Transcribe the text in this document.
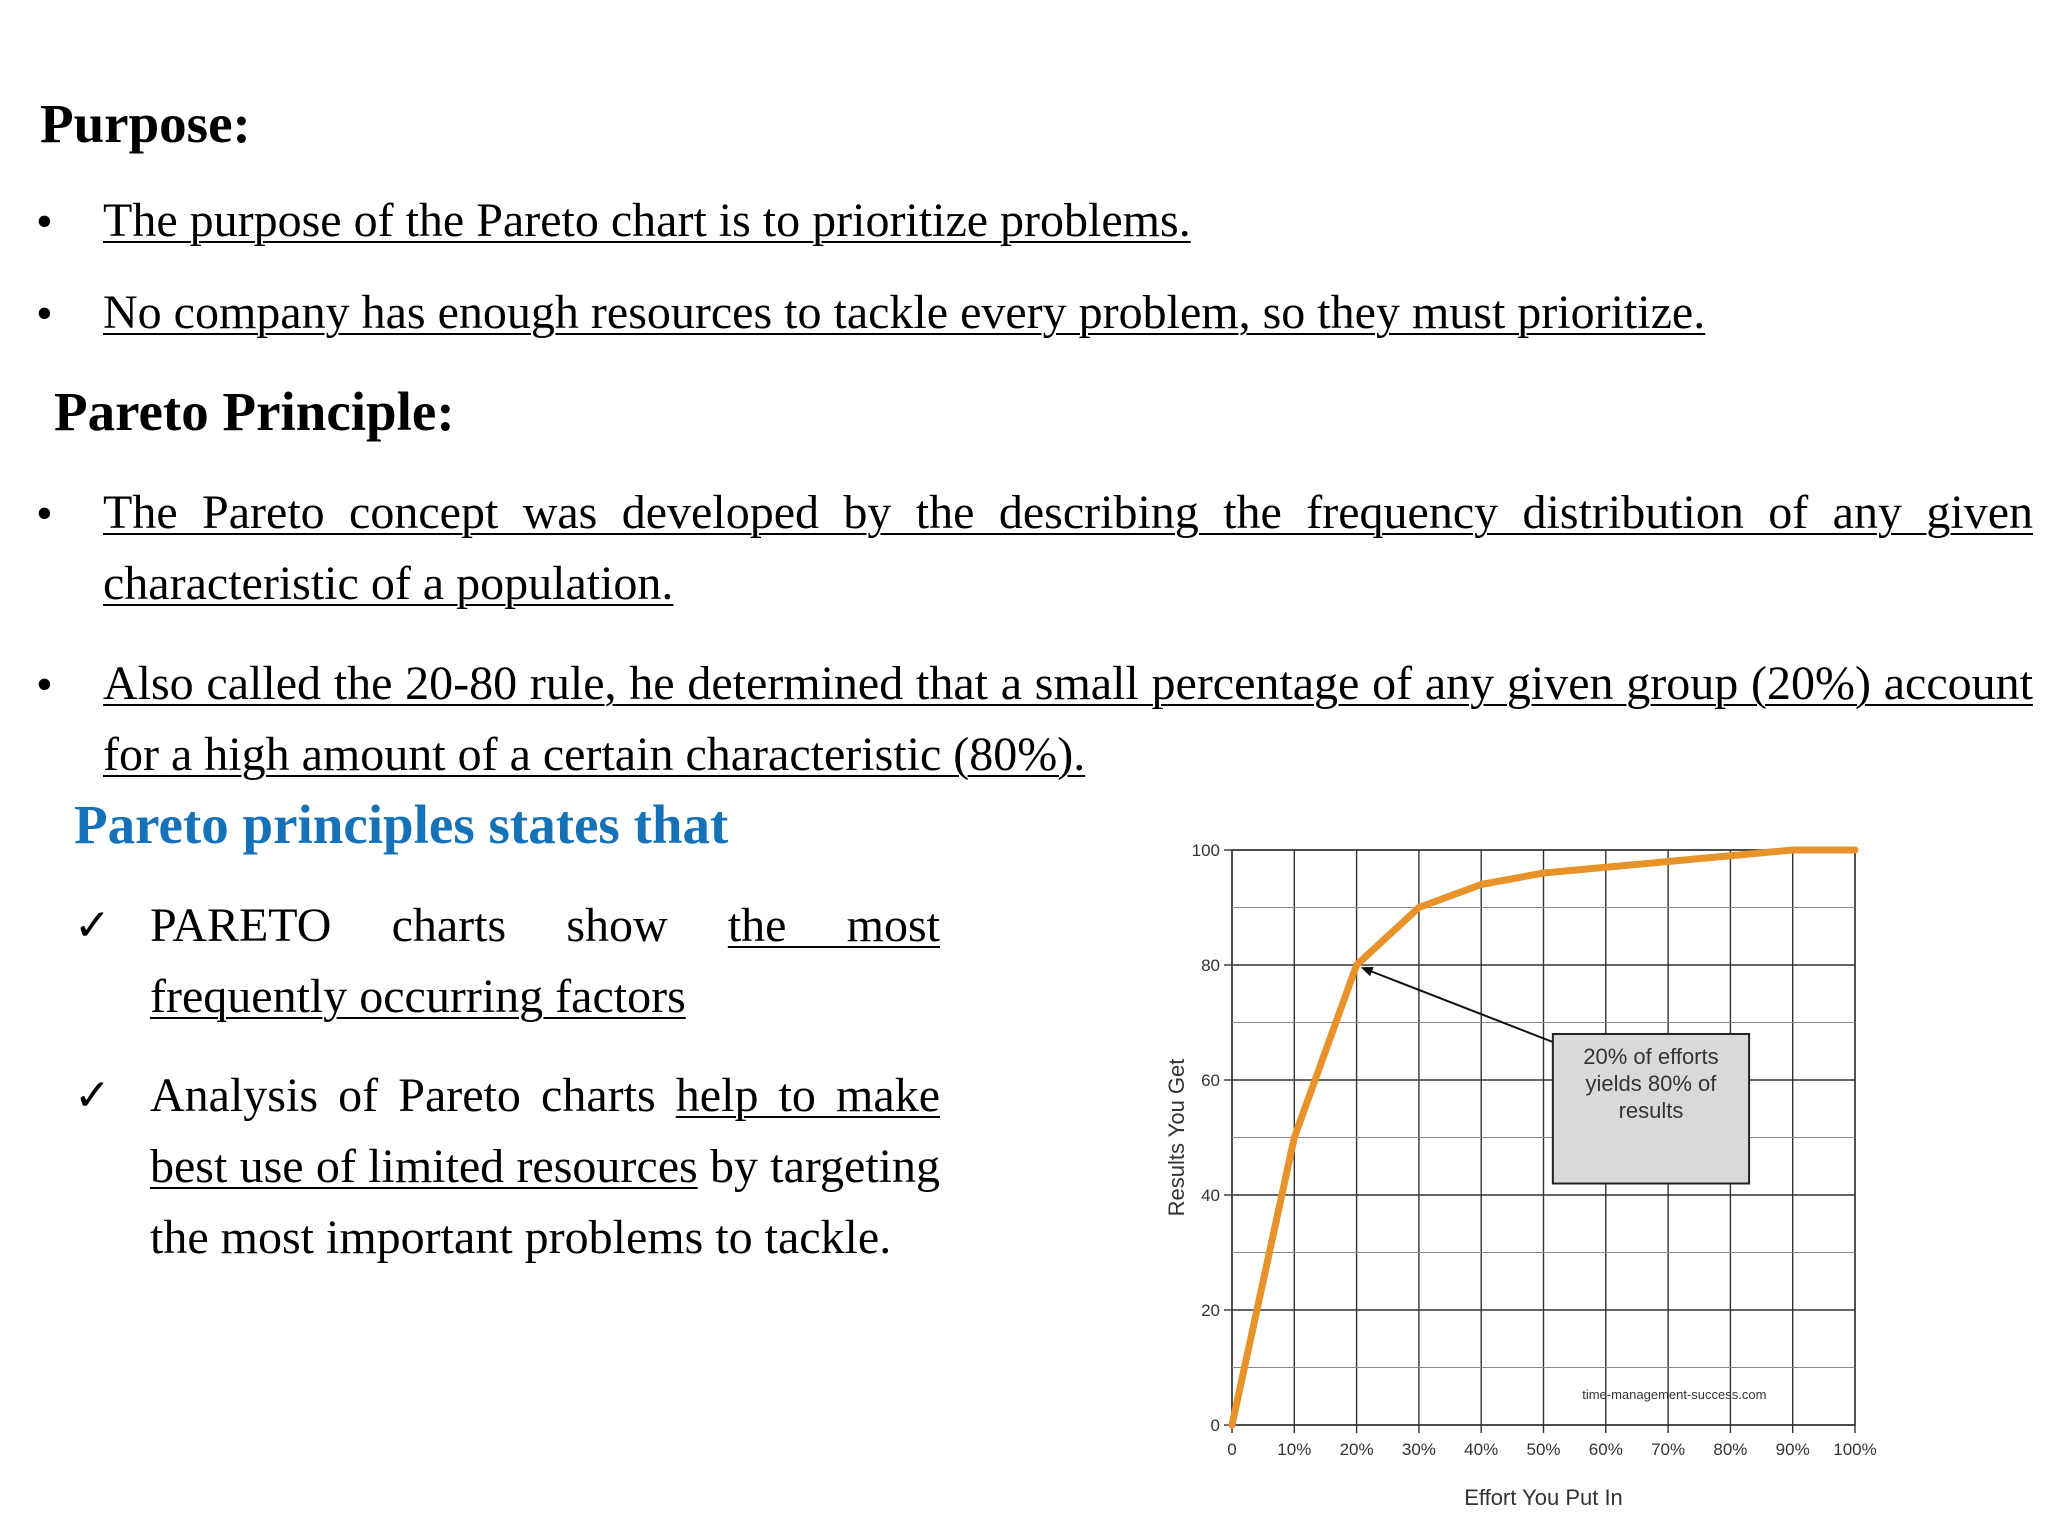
Purpose:
• The purpose of the Pareto chart is to prioritize problems.
• No company has enough resources to tackle every problem, so they must prioritize.
Pareto Principle:
• The Pareto concept was developed by the describing the frequency distribution of any given characteristic of a population.
• Also called the 20-80 rule, he determined that a small percentage of any given group (20%) account for a high amount of a certain characteristic (80%).
Pareto principles states that
✓ PARETO charts show the most frequently occurring factors
✓ Analysis of Pareto charts help to make best use of limited resources by targeting the most important problems to tackle.
0
20
40
60
80
100
0 10% 20% 30% 40% 50% 60% 70% 80% 90% 100%
Effort You Put In
Results You Get
20% of efforts
yields 80% of
results
time-management-success.com
